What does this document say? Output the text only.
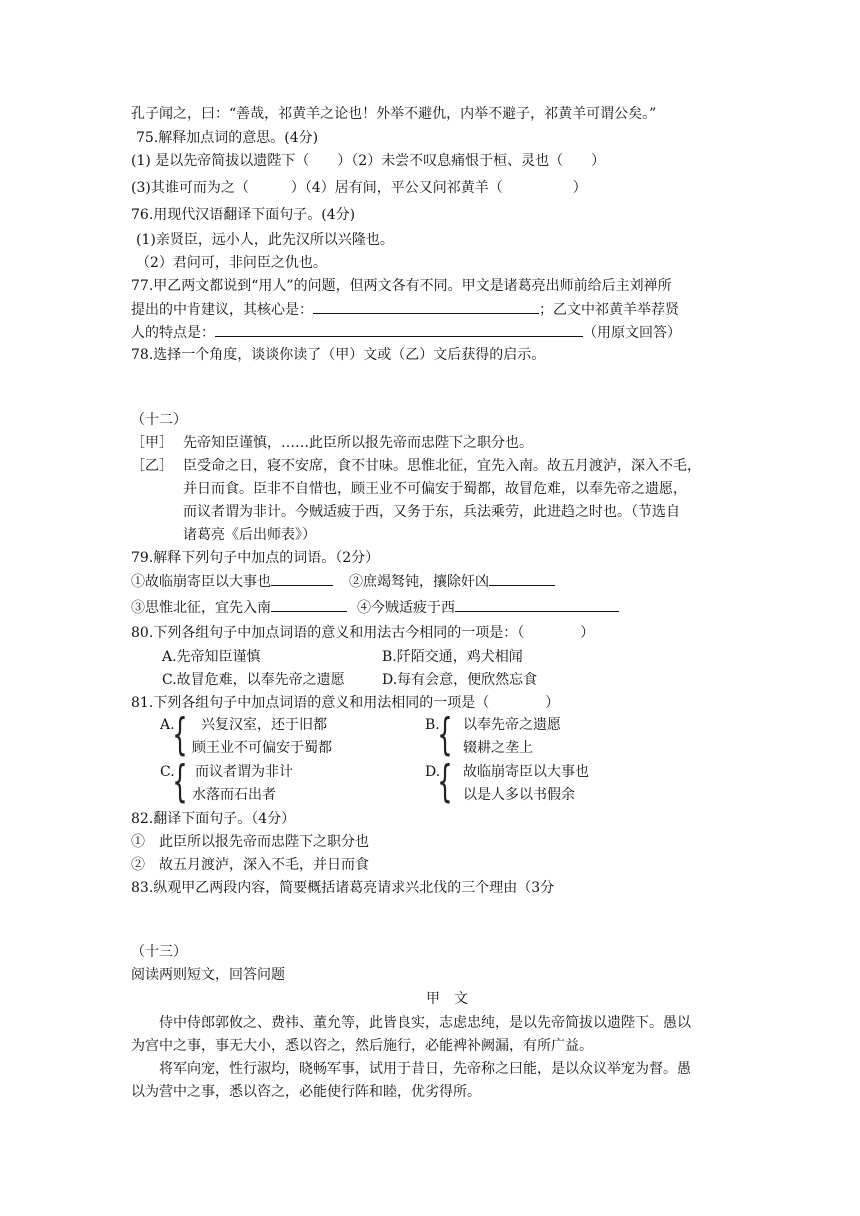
孔子闻之，曰：“善哉，祁黄羊之论也！外举不避仇，内举不避子，祁黄羊可谓公矣。”
75.解释加点词的意思。(4分)
(1) 是以先帝简拔以遗陛下（　　）（2）未尝不叹息痛恨于桓、灵也（　　）
(3)其谁可而为之（　　　）（4）居有间，平公又问祁黄羊（　　　　　）
76.用现代汉语翻译下面句子。(4分)
(1)亲贤臣，远小人，此先汉所以兴隆也。
（2）君问可，非问臣之仇也。
77.甲乙两文都说到“用人”的问题，但两文各有不同。甲文是诸葛亮出师前给后主刘禅所
提出的中肯建议，其核心是：	；乙文中祁黄羊举荐贤
人的特点是：	（用原文回答）
78.选择一个角度，谈谈你读了（甲）文或（乙）文后获得的启示。
（十二）
［甲］ 先帝知臣谨慎，……此臣所以报先帝而忠陛下之职分也。
［乙］ 臣受命之日，寝不安席，食不甘味。思惟北征，宜先入南。故五月渡泸，深入不毛，
并日而食。臣非不自惜也，顾王业不可偏安于蜀都，故冒危难，以奉先帝之遗愿，
而议者谓为非计。今贼适疲于西，又务于东，兵法乘劳，此进趋之时也。（节选自
诸葛亮《后出师表》）
79.解释下列句子中加点的词语。（2分）
①故临崩寄臣以大事也	②庶竭驽钝，攘除奸凶
③思惟北征，宜先入南	④今贼适疲于西
80.下列各组句子中加点词语的意义和用法古今相同的一项是：（　　　　）
A.先帝知臣谨慎	B.阡陌交通，鸡犬相闻
C.故冒危难，以奉先帝之遗愿	D.每有会意，便欣然忘食
81.下列各组句子中加点词语的意义和用法相同的一项是（　　　　）
A.
{ 兴复汉室，还于旧都
顾王业不可偏安于蜀都
B.
{ 以奉先帝之遗愿
辍耕之垄上
C.
{ 而议者谓为非计
水落而石出者
D.
{ 故临崩寄臣以大事也
以是人多以书假余
82.翻译下面句子。（4分）
①　此臣所以报先帝而忠陛下之职分也
②　故五月渡泸，深入不毛，并日而食
83.纵观甲乙两段内容，简要概括诸葛亮请求兴北伐的三个理由（3分
（十三）
阅读两则短文，回答问题
甲　文
侍中侍郎郭攸之、费祎、董允等，此皆良实，志虑忠纯，是以先帝简拔以遗陛下。愚以
为宫中之事，事无大小，悉以咨之，然后施行，必能裨补阙漏，有所广益。
将军向宠，性行淑均，晓畅军事，试用于昔日，先帝称之曰能，是以众议举宠为督。愚
以为营中之事，悉以咨之，必能使行阵和睦，优劣得所。
